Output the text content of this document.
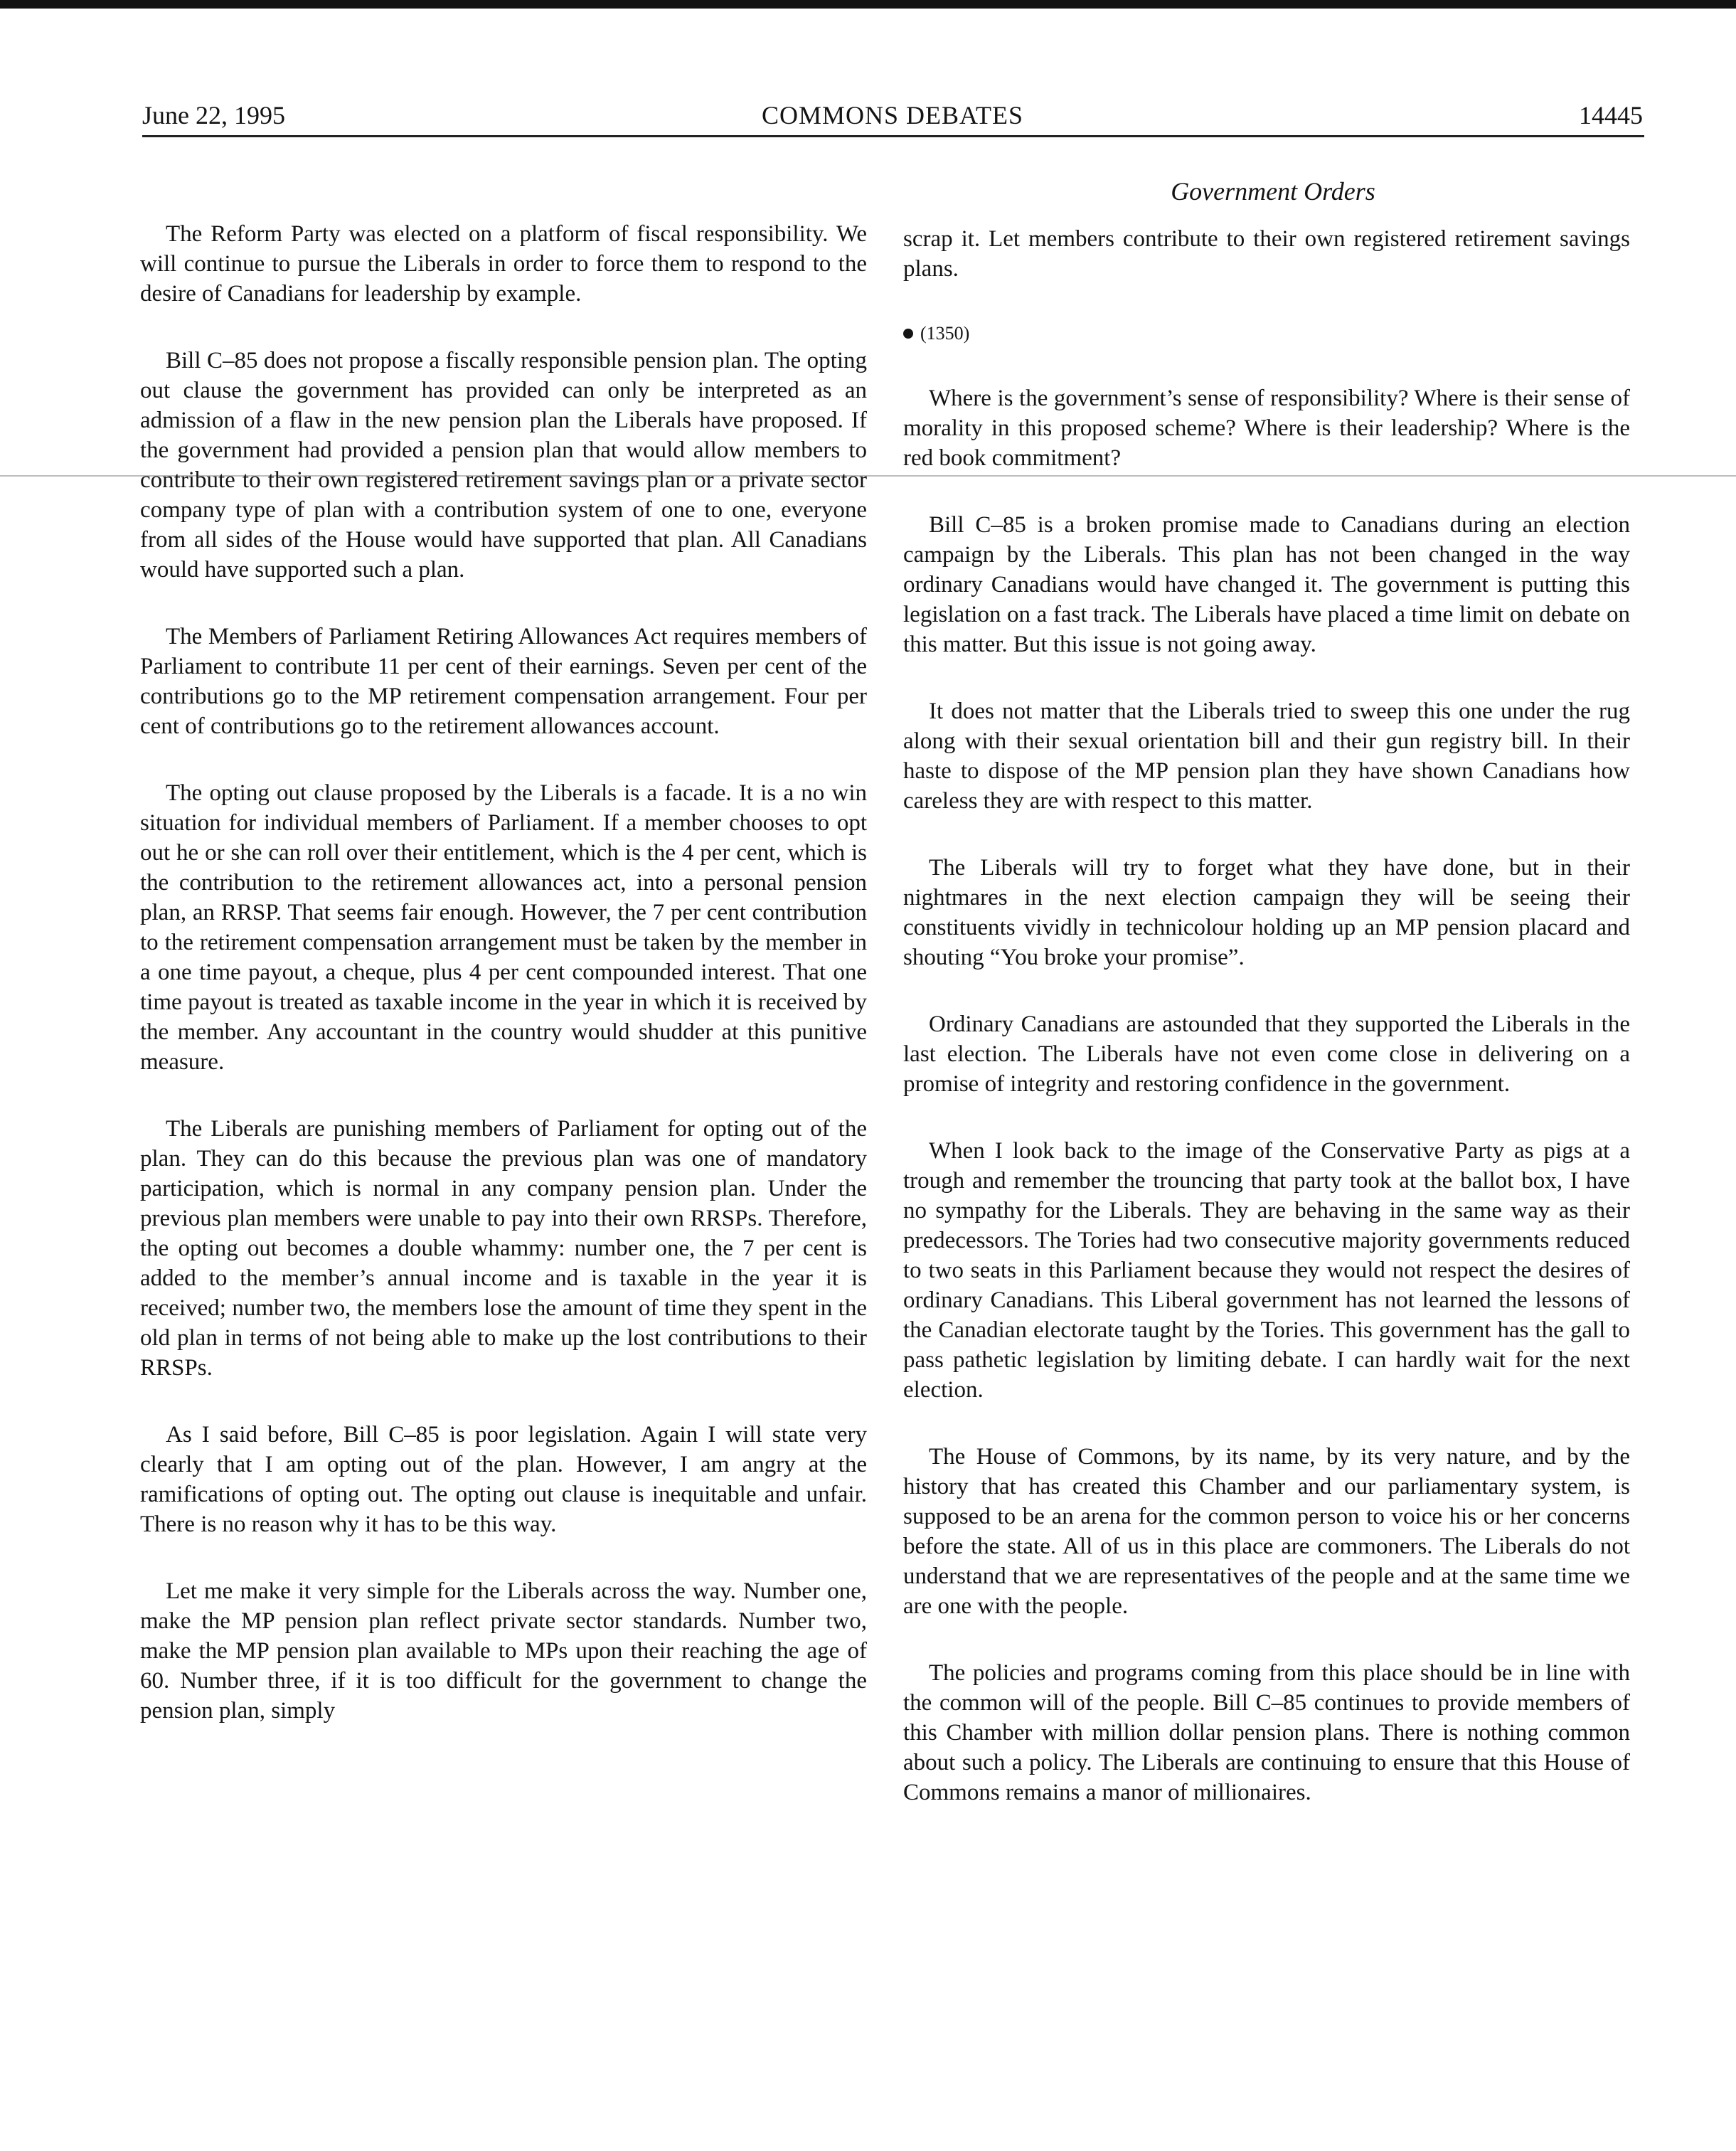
June 22, 1995	COMMONS DEBATES	14445
Government Orders

The Reform Party was elected on a platform of fiscal responsibility. We will continue to pursue the Liberals in order to force them to respond to the desire of Canadians for leadership by example.

Bill C–85 does not propose a fiscally responsible pension plan. The opting out clause the government has provided can only be interpreted as an admission of a flaw in the new pension plan the Liberals have proposed. If the government had provided a pension plan that would allow members to contribute to their own registered retirement savings plan or a private sector company type of plan with a contribution system of one to one, everyone from all sides of the House would have supported that plan. All Canadians would have supported such a plan.

The Members of Parliament Retiring Allowances Act requires members of Parliament to contribute 11 per cent of their earnings. Seven per cent of the contributions go to the MP retirement compensation arrangement. Four per cent of contributions go to the retirement allowances account.

The opting out clause proposed by the Liberals is a facade. It is a no win situation for individual members of Parliament. If a member chooses to opt out he or she can roll over their entitlement, which is the 4 per cent, which is the contribution to the retirement allowances act, into a personal pension plan, an RRSP. That seems fair enough. However, the 7 per cent contribution to the retirement compensation arrangement must be taken by the member in a one time payout, a cheque, plus 4 per cent compounded interest. That one time payout is treated as taxable income in the year in which it is received by the member. Any accountant in the country would shudder at this punitive measure.

The Liberals are punishing members of Parliament for opting out of the plan. They can do this because the previous plan was one of mandatory participation, which is normal in any company pension plan. Under the previous plan members were unable to pay into their own RRSPs. Therefore, the opting out becomes a double whammy: number one, the 7 per cent is added to the member’s annual income and is taxable in the year it is received; number two, the members lose the amount of time they spent in the old plan in terms of not being able to make up the lost contributions to their RRSPs.

As I said before, Bill C–85 is poor legislation. Again I will state very clearly that I am opting out of the plan. However, I am angry at the ramifications of opting out. The opting out clause is inequitable and unfair. There is no reason why it has to be this way.

Let me make it very simple for the Liberals across the way. Number one, make the MP pension plan reflect private sector standards. Number two, make the MP pension plan available to MPs upon their reaching the age of 60. Number three, if it is too difficult for the government to change the pension plan, simply

scrap it. Let members contribute to their own registered retirement savings plans.

(1350)

Where is the government’s sense of responsibility? Where is their sense of morality in this proposed scheme? Where is their leadership? Where is the red book commitment?

Bill C–85 is a broken promise made to Canadians during an election campaign by the Liberals. This plan has not been changed in the way ordinary Canadians would have changed it. The government is putting this legislation on a fast track. The Liberals have placed a time limit on debate on this matter. But this issue is not going away.

It does not matter that the Liberals tried to sweep this one under the rug along with their sexual orientation bill and their gun registry bill. In their haste to dispose of the MP pension plan they have shown Canadians how careless they are with respect to this matter.

The Liberals will try to forget what they have done, but in their nightmares in the next election campaign they will be seeing their constituents vividly in technicolour holding up an MP pension placard and shouting “You broke your promise”.

Ordinary Canadians are astounded that they supported the Liberals in the last election. The Liberals have not even come close in delivering on a promise of integrity and restoring confidence in the government.

When I look back to the image of the Conservative Party as pigs at a trough and remember the trouncing that party took at the ballot box, I have no sympathy for the Liberals. They are behaving in the same way as their predecessors. The Tories had two consecutive majority governments reduced to two seats in this Parliament because they would not respect the desires of ordinary Canadians. This Liberal government has not learned the lessons of the Canadian electorate taught by the Tories. This government has the gall to pass pathetic legislation by limiting debate. I can hardly wait for the next election.

The House of Commons, by its name, by its very nature, and by the history that has created this Chamber and our parliamentary system, is supposed to be an arena for the common person to voice his or her concerns before the state. All of us in this place are commoners. The Liberals do not understand that we are representatives of the people and at the same time we are one with the people.

The policies and programs coming from this place should be in line with the common will of the people. Bill C–85 continues to provide members of this Chamber with million dollar pension plans. There is nothing common about such a policy. The Liberals are continuing to ensure that this House of Commons remains a manor of millionaires.
